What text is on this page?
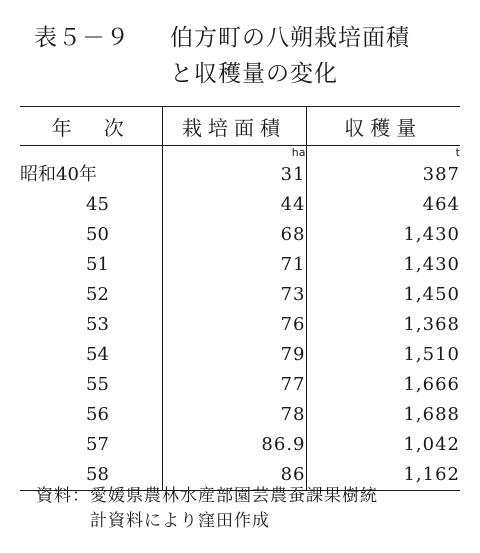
表５－９	伯方町の八朔栽培面積
と収穫量の変化
年　次	栽培面積	収穫量
	ha	t
昭和40年	31	387
45	44	464
50	68	1,430
51	71	1,430
52	73	1,450
53	76	1,368
54	79	1,510
55	77	1,666
56	78	1,688
57	86.9	1,042
58	86	1,162
資料：愛媛県農林水産部園芸農蚕課果樹統
計資料により窪田作成
